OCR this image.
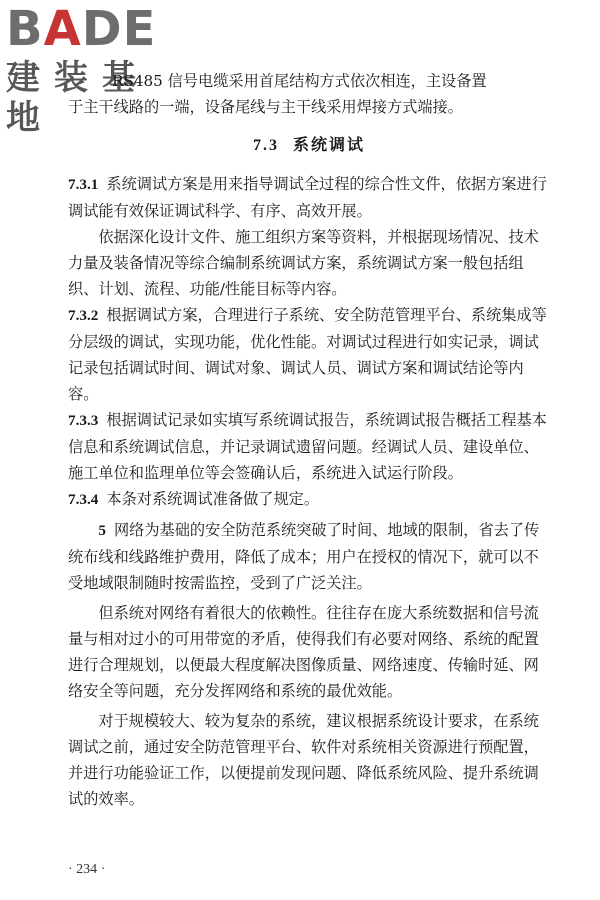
BADE
建装基地

RS485 信号电缆采用首尾结构方式依次相连，主设备置

于主干线路的一端，设备尾线与主干线采用焊接方式端接。

7.3 系统调试

7.3.1 系统调试方案是用来指导调试全过程的综合性文件，依据方案进行调试能有效保证调试科学、有序、高效开展。

依据深化设计文件、施工组织方案等资料，并根据现场情况、技术力量及装备情况等综合编制系统调试方案，系统调试方案一般包括组织、计划、流程、功能/性能目标等内容。

7.3.2 根据调试方案，合理进行子系统、安全防范管理平台、系统集成等分层级的调试，实现功能，优化性能。对调试过程进行如实记录，调试记录包括调试时间、调试对象、调试人员、调试方案和调试结论等内容。

7.3.3 根据调试记录如实填写系统调试报告，系统调试报告概括工程基本信息和系统调试信息，并记录调试遗留问题。经调试人员、建设单位、施工单位和监理单位等会签确认后，系统进入试运行阶段。

7.3.4 本条对系统调试准备做了规定。

5 网络为基础的安全防范系统突破了时间、地域的限制，省去了传统布线和线路维护费用，降低了成本；用户在授权的情况下，就可以不受地域限制随时按需监控，受到了广泛关注。

但系统对网络有着很大的依赖性。往往存在庞大系统数据和信号流量与相对过小的可用带宽的矛盾，使得我们有必要对网络、系统的配置进行合理规划，以便最大程度解决图像质量、网络速度、传输时延、网络安全等问题，充分发挥网络和系统的最优效能。

对于规模较大、较为复杂的系统，建议根据系统设计要求，在系统调试之前，通过安全防范管理平台、软件对系统相关资源进行预配置，并进行功能验证工作，以便提前发现问题、降低系统风险、提升系统调试的效率。

· 234 ·
